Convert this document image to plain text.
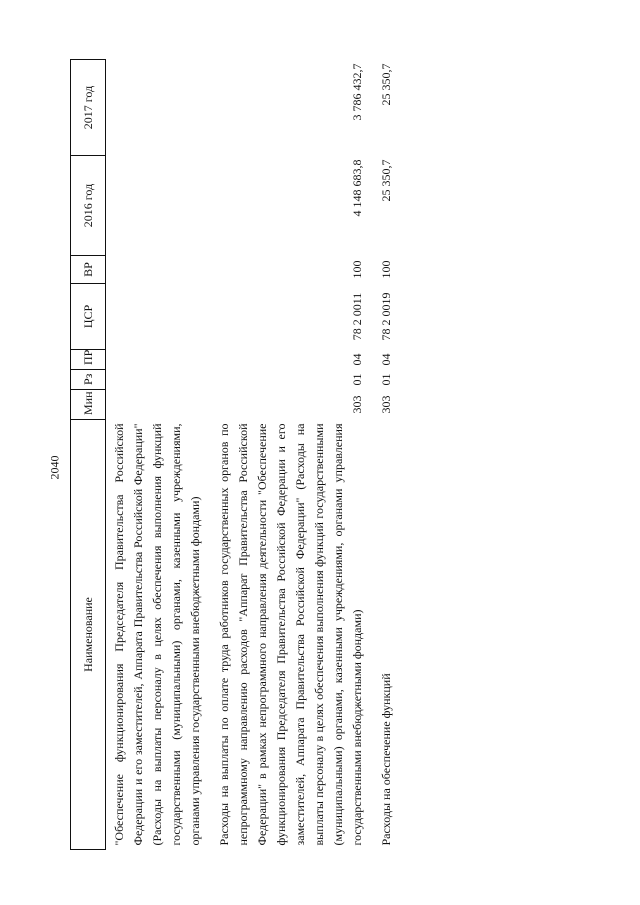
2040
Наименование	Мин	Рз	ПР	ЦСР	ВР	2016 год	2017 год
"Обеспечение функционирования Председателя Правительства Российской Федерации и его заместителей, Аппарата Правительства Российской Федерации" (Расходы на выплаты персоналу в целях обеспечения выполнения функций государственными (муниципальными) органами, казенными учреждениями, органами управления государственными внебюджетными фондами)							
Расходы на выплаты по оплате труда работников государственных органов по непрограммному направлению расходов "Аппарат Правительства Российской Федерации" в рамках непрограммного направления деятельности "Обеспечение функционирования Председателя Правительства Российской Федерации и его заместителей, Аппарата Правительства Российской Федерации" (Расходы на выплаты персоналу в целях обеспечения выполнения функций государственными (муниципальными) органами, казенными учреждениями, органами управления государственными внебюджетными фондами)	303	01	04	78 2 0011	100	4 148 683,8	3 786 432,7
Расходы на обеспечение функций	303	01	04	78 2 0019	100	25 350,7	25 350,7
